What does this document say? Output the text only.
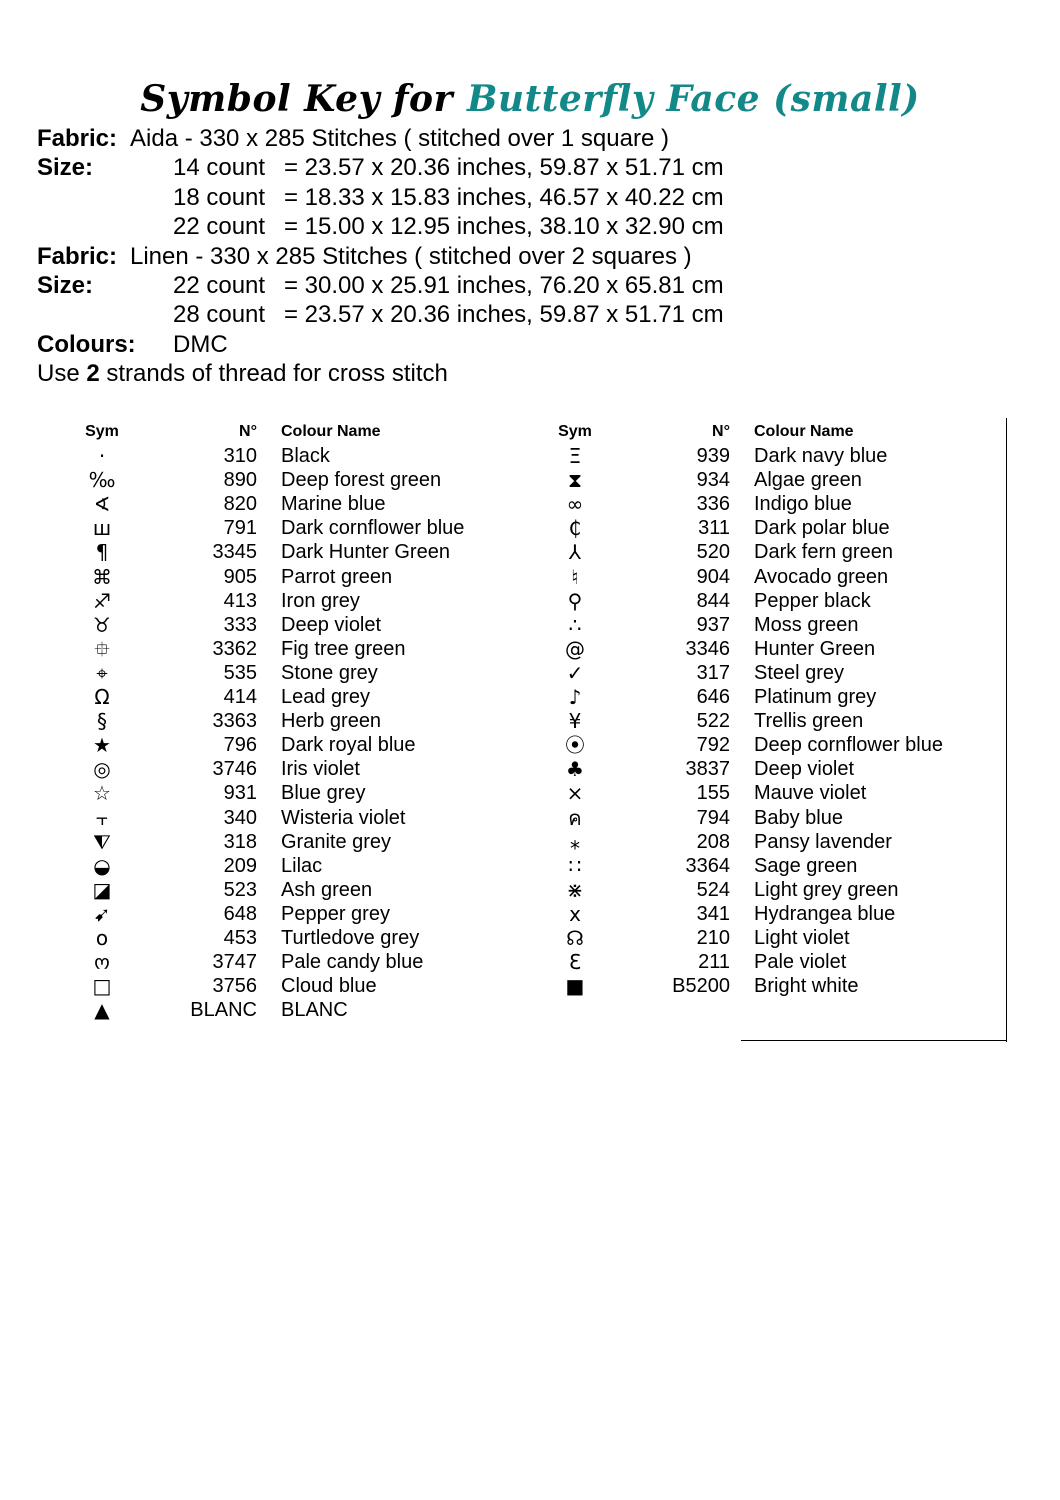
Symbol Key for Butterfly Face (small)
Fabric: Aida - 330 x 285 Stitches ( stitched over 1 square )
Size:	14 count = 23.57 x 20.36 inches, 59.87 x 51.71 cm
18 count = 18.33 x 15.83 inches, 46.57 x 40.22 cm
22 count = 15.00 x 12.95 inches, 38.10 x 32.90 cm
Fabric: Linen - 330 x 285 Stitches ( stitched over 2 squares )
Size:	22 count = 30.00 x 25.91 inches, 76.20 x 65.81 cm
28 count = 23.57 x 20.36 inches, 59.87 x 51.71 cm
Colours: DMC
Use 2 strands of thread for cross stitch
Sym	N° Colour Name
·	310 Black
‰	890 Deep forest green
∢	820 Marine blue
ш	791 Dark cornflower blue
¶	3345 Dark Hunter Green
⌘	905 Parrot green
♐	413 Iron grey
♉	333 Deep violet
⯐	3362 Fig tree green
⌖	535 Stone grey
Ω	414 Lead grey
§	3363 Herb green
★	796 Dark royal blue
◎	3746 Iris violet
☆	931 Blue grey
⫟	340 Wisteria violet
⧨	318 Granite grey
◒	209 Lilac
◪	523 Ash green
➹	648 Pepper grey
o	453 Turtledove grey
ო	3747 Pale candy blue
□	3756 Cloud blue
▲	BLANC BLANC
Sym	N° Colour Name
Ξ	939 Dark navy blue
⧗	934 Algae green
∞	336 Indigo blue
₵	311 Dark polar blue
⅄	520 Dark fern green
♮	904 Avocado green
⚲	844 Pepper black
∴	937 Moss green
@	3346 Hunter Green
✓	317 Steel grey
♪	646 Platinum grey
¥	522 Trellis green
⦿	792 Deep cornflower blue
♣	3837 Deep violet
⨯	155 Mauve violet
ค	794 Baby blue
⁎	208 Pansy lavender
∷	3364 Sage green
⋇	524 Light grey green
x	341 Hydrangea blue
☊	210 Light violet
Ɛ	211 Pale violet
■	B5200 Bright white
